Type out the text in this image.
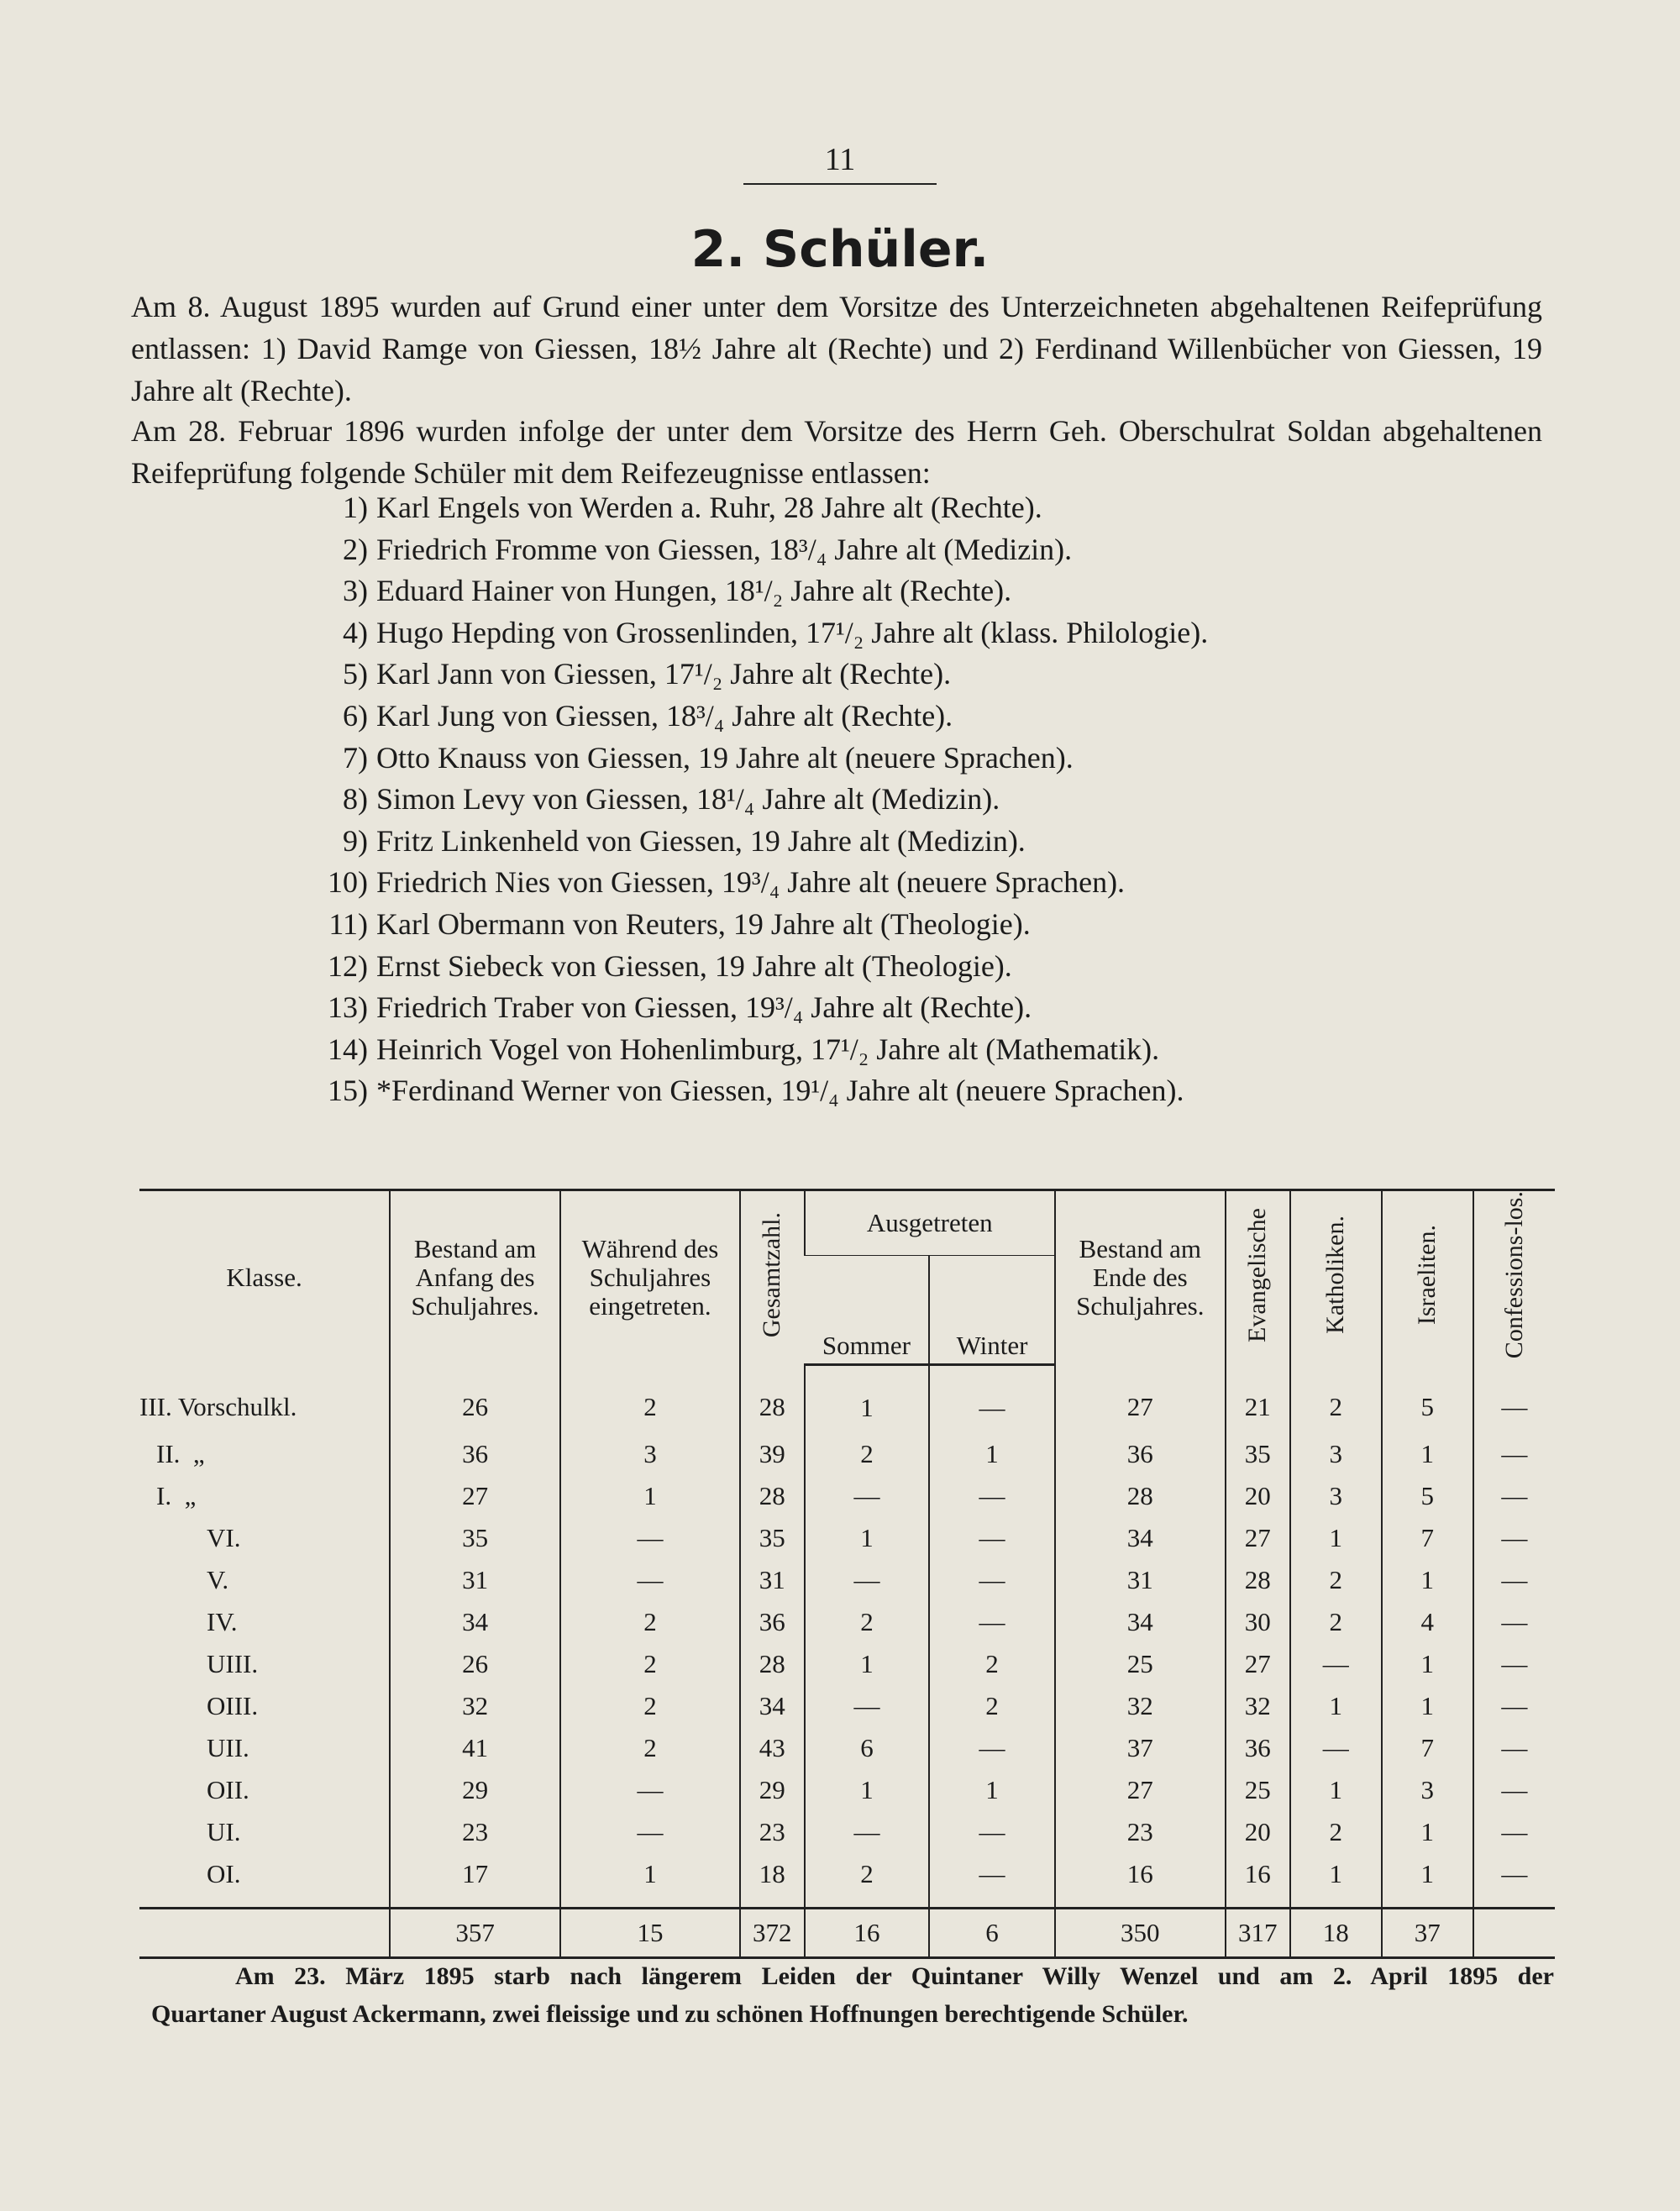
11
2. Schüler.

Am 8. August 1895 wurden auf Grund einer unter dem Vorsitze des Unterzeichneten abgehaltenen Reifeprüfung entlassen: 1) David Ramge von Giessen, 18½ Jahre alt (Rechte) und 2) Ferdinand Willenbücher von Giessen, 19 Jahre alt (Rechte).

Am 28. Februar 1896 wurden infolge der unter dem Vorsitze des Herrn Geh. Oberschulrat Soldan abgehaltenen Reifeprüfung folgende Schüler mit dem Reifezeugnisse entlassen:

1) Karl Engels von Werden a. Ruhr, 28 Jahre alt (Rechte).
2) Friedrich Fromme von Giessen, 18³/₄ Jahre alt (Medizin).
3) Eduard Hainer von Hungen, 18¹/₂ Jahre alt (Rechte).
4) Hugo Hepding von Grossenlinden, 17¹/₂ Jahre alt (klass. Philologie).
5) Karl Jann von Giessen, 17¹/₂ Jahre alt (Rechte).
6) Karl Jung von Giessen, 18³/₄ Jahre alt (Rechte).
7) Otto Knauss von Giessen, 19 Jahre alt (neuere Sprachen).
8) Simon Levy von Giessen, 18¹/₄ Jahre alt (Medizin).
9) Fritz Linkenheld von Giessen, 19 Jahre alt (Medizin).
10) Friedrich Nies von Giessen, 19³/₄ Jahre alt (neuere Sprachen).
11) Karl Obermann von Reuters, 19 Jahre alt (Theologie).
12) Ernst Siebeck von Giessen, 19 Jahre alt (Theologie).
13) Friedrich Traber von Giessen, 19³/₄ Jahre alt (Rechte).
14) Heinrich Vogel von Hohenlimburg, 17¹/₂ Jahre alt (Mathematik).
15) *Ferdinand Werner von Giessen, 19¹/₄ Jahre alt (neuere Sprachen).
Klasse.	Bestand am Anfang des Schuljahres.	Während des Schuljahres eingetreten.	Gesamtzahl.	Ausgetreten		Bestand am Ende des Schuljahres.	Evangelische	Katholiken.	Israeliten.	Confessions-los.
				Sommer	Winter					
III. Vorschulkl.	26	2	28	1	—	27	21	2	5	—
II.  „	36	3	39	2	1	36	35	3	1	—
I.  „	27	1	28	—	—	28	20	3	5	—
VI.	35	—	35	1	—	34	27	1	7	—
V.	31	—	31	—	—	31	28	2	1	—
IV.	34	2	36	2	—	34	30	2	4	—
UIII.	26	2	28	1	2	25	27	—	1	—
OIII.	32	2	34	—	2	32	32	1	1	—
UII.	41	2	43	6	—	37	36	—	7	—
OII.	29	—	29	1	1	27	25	1	3	—
UI.	23	—	23	—	—	23	20	2	1	—
OI.	17	1	18	2	—	16	16	1	1	—
	357	15	372	16	6	350	317	18	37	

Am 23. März 1895 starb nach längerem Leiden der Quintaner Willy Wenzel und am 2. April 1895 der
Quartaner August Ackermann, zwei fleissige und zu schönen Hoffnungen berechtigende Schüler.
